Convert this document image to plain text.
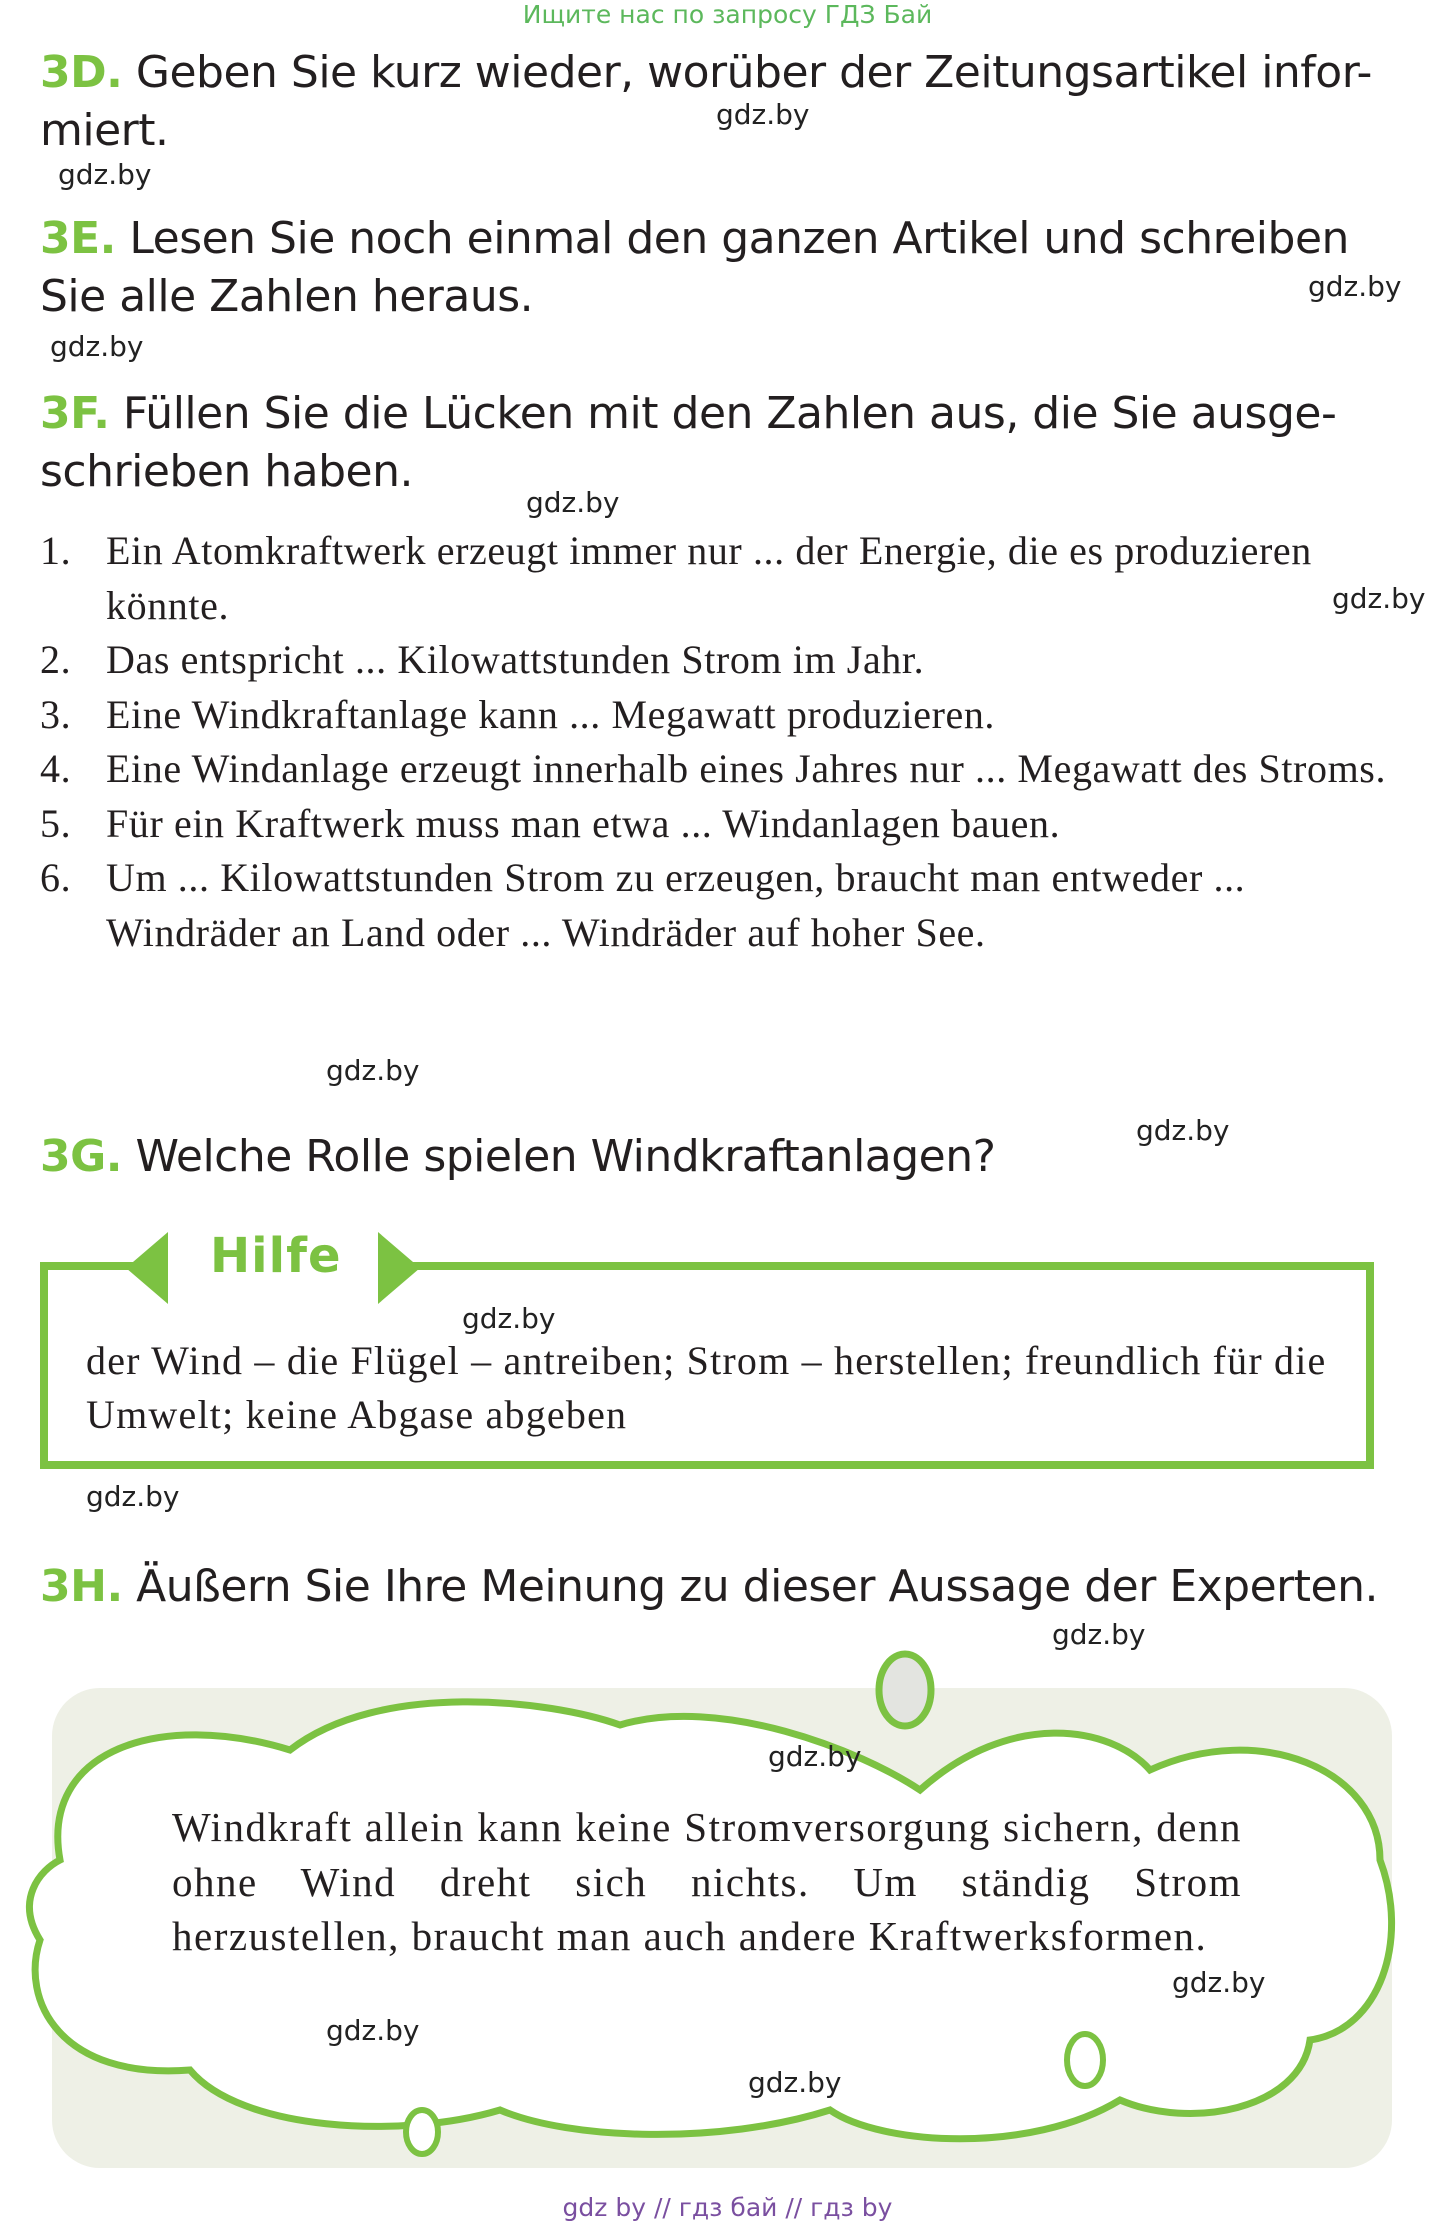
Ищите нас по запросу ГДЗ Бай
3D. Geben Sie kurz wieder, worüber der Zeitungsartikel infor-
miert.
3E. Lesen Sie noch einmal den ganzen Artikel und schreiben
Sie alle Zahlen heraus.
3F. Füllen Sie die Lücken mit den Zahlen aus, die Sie ausge-
schrieben haben.
1. Ein Atomkraftwerk erzeugt immer nur ... der Energie, die es produzieren könnte.
2. Das entspricht ... Kilowattstunden Strom im Jahr.
3. Eine Windkraftanlage kann ... Megawatt produzieren.
4. Eine Windanlage erzeugt innerhalb eines Jahres nur ... Megawatt des Stroms.
5. Für ein Kraftwerk muss man etwa ... Windanlagen bauen.
6. Um ... Kilowattstunden Strom zu erzeugen, braucht man entweder ... Windräder an Land oder ... Windräder auf hoher See.
3G. Welche Rolle spielen Windkraftanlagen?
Hilfe
der Wind – die Flügel – antreiben; Strom – herstellen; freundlich für die Umwelt; keine Abgase abgeben
3H. Äußern Sie Ihre Meinung zu dieser Aussage der Experten.
Windkraft allein kann keine Stromversorgung sichern, denn ohne Wind dreht sich nichts. Um ständig Strom herzustellen, braucht man auch andere Kraftwerksformen.
gdz.by
gdz.by
gdz.by
gdz.by
gdz.by
gdz.by
gdz.by
gdz.by
gdz.by
gdz.by
gdz.by
gdz.by
gdz.by
gdz.by
gdz.by
gdz by // гдз бай // гдз by
